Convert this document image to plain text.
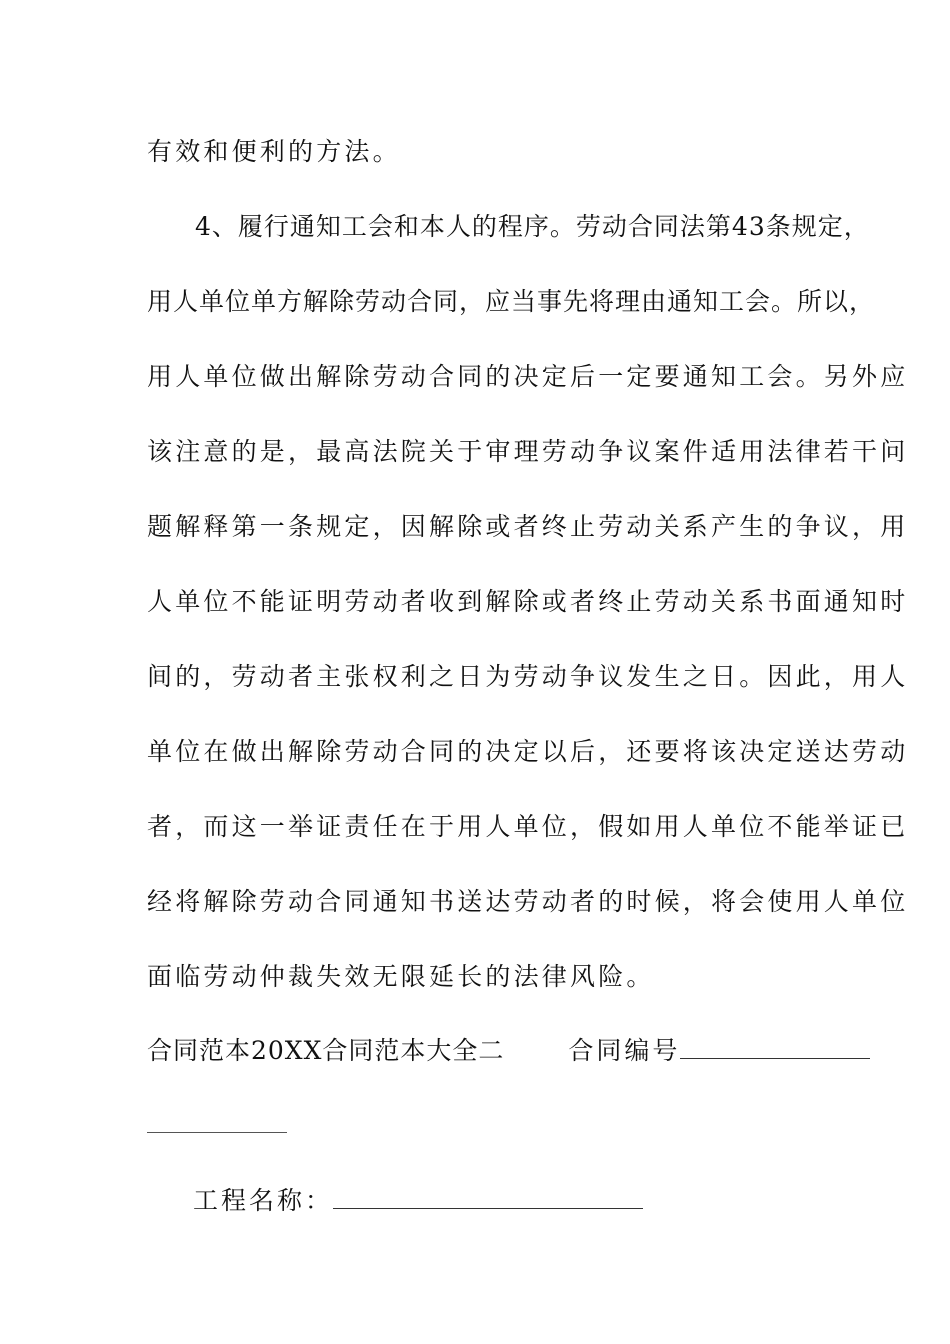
有效和便利的方法。
4、履行通知工会和本人的程序。劳动合同法第43条规定，
用人单位单方解除劳动合同，应当事先将理由通知工会。所以，
用人单位做出解除劳动合同的决定后一定要通知工会。另外应
该注意的是，最高法院关于审理劳动争议案件适用法律若干问
题解释第一条规定，因解除或者终止劳动关系产生的争议，用
人单位不能证明劳动者收到解除或者终止劳动关系书面通知时
间的，劳动者主张权利之日为劳动争议发生之日。因此，用人
单位在做出解除劳动合同的决定以后，还要将该决定送达劳动
者，而这一举证责任在于用人单位，假如用人单位不能举证已
经将解除劳动合同通知书送达劳动者的时候，将会使用人单位
面临劳动仲裁失效无限延长的法律风险。
合同范本20XX合同范本大全二	合同编号
工程名称：
